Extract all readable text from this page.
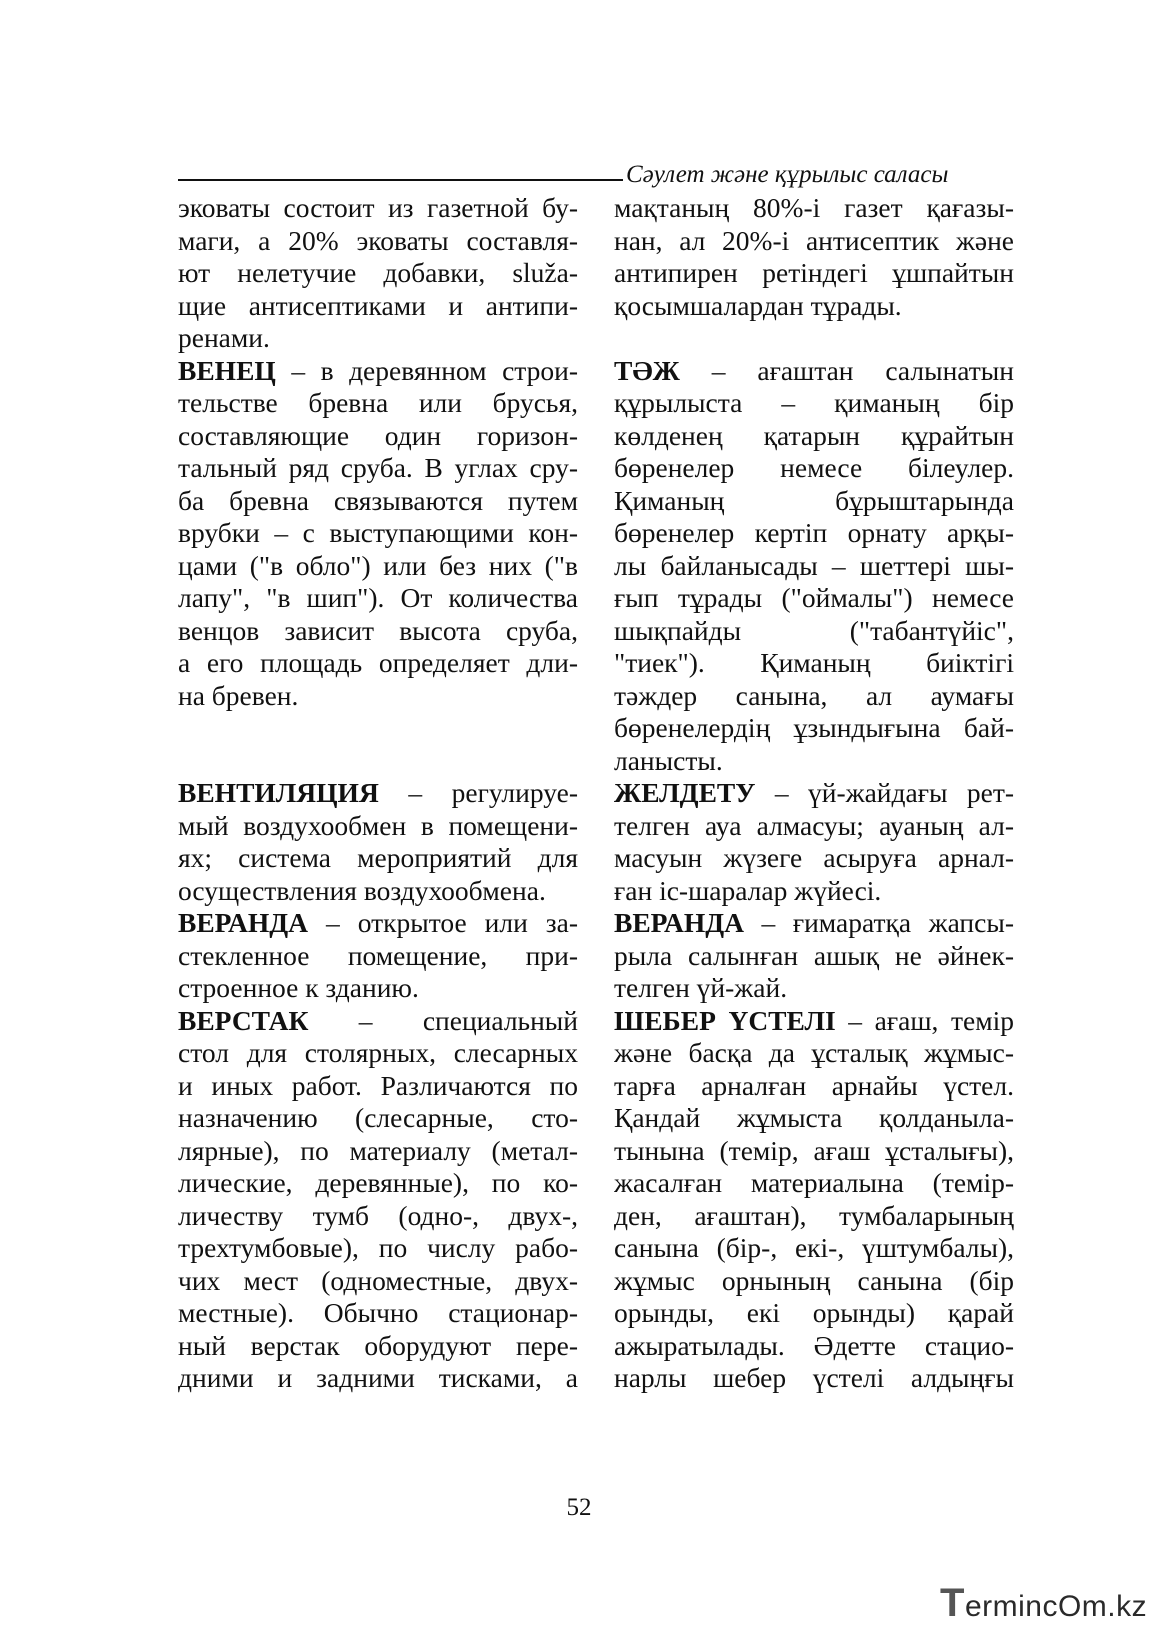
Сәулет және құрылыс саласы
эковаты состоит из газетной бу-
маги, а 20% эковаты составля-
ют нелетучие добавки, služа-
щие антисептиками и антипи-
ренами.
ВЕНЕЦ – в деревянном строи-
тельстве бревна или брусья,
составляющие один горизон-
тальный ряд сруба. В углах сру-
ба бревна связываются путем
врубки – с выступающими кон-
цами ("в обло") или без них ("в
лапу", "в шип"). От количества
венцов зависит высота сруба,
а его площадь определяет дли-
на бревен.
ВЕНТИЛЯЦИЯ – регулируе-
мый воздухообмен в помещени-
ях; система мероприятий для
осуществления воздухообмена.
ВЕРАНДА – открытое или за-
стекленное помещение, при-
строенное к зданию.
ВЕРСТАК – специальный
стол для столярных, слесарных
и иных работ. Различаются по
назначению (слесарные, сто-
лярные), по материалу (метал-
лические, деревянные), по ко-
личеству тумб (одно-, двух-,
трехтумбовые), по числу рабо-
чих мест (одноместные, двух-
местные). Обычно стационар-
ный верстак оборудуют пере-
дними и задними тисками, а
мақтаның 80%-і газет қағазы-
нан, ал 20%-і антисептик және
антипирен ретіндегі ұшпайтын
қосымшалардан тұрады.
ТӘЖ – ағаштан салынатын
құрылыста – қиманың бір
көлденең қатарын құрайтын
бөренелер немесе білеулер.
Қиманың бұрыштарында
бөренелер кертіп орнату арқы-
лы байланысады – шеттері шы-
ғып тұрады ("оймалы") немесе
шықпайды ("табантүйіс",
"тиек"). Қиманың биіктігі
тәждер санына, ал аумағы
бөренелердің ұзындығына бай-
ланысты.
ЖЕЛДЕТУ – үй-жайдағы рет-
телген ауа алмасуы; ауаның ал-
масуын жүзеге асыруға арнал-
ған іс-шаралар жүйесі.
ВЕРАНДА – ғимаратқа жапсы-
рыла салынған ашық не әйнек-
телген үй-жай.
ШЕБЕР ҮСТЕЛІ – ағаш, темір
және басқа да ұсталық жұмыс-
тарға арналған арнайы үстел.
Қандай жұмыста қолданыла-
тынына (темір, ағаш ұсталығы),
жасалған материалына (темір-
ден, ағаштан), тумбаларының
санына (бір-, екі-, үштумбалы),
жұмыс орнының санына (бір
орынды, екі орынды) қарай
ажыратылады. Әдетте стацио-
нарлы шебер үстелі алдыңғы
52
TermincOm.kz
